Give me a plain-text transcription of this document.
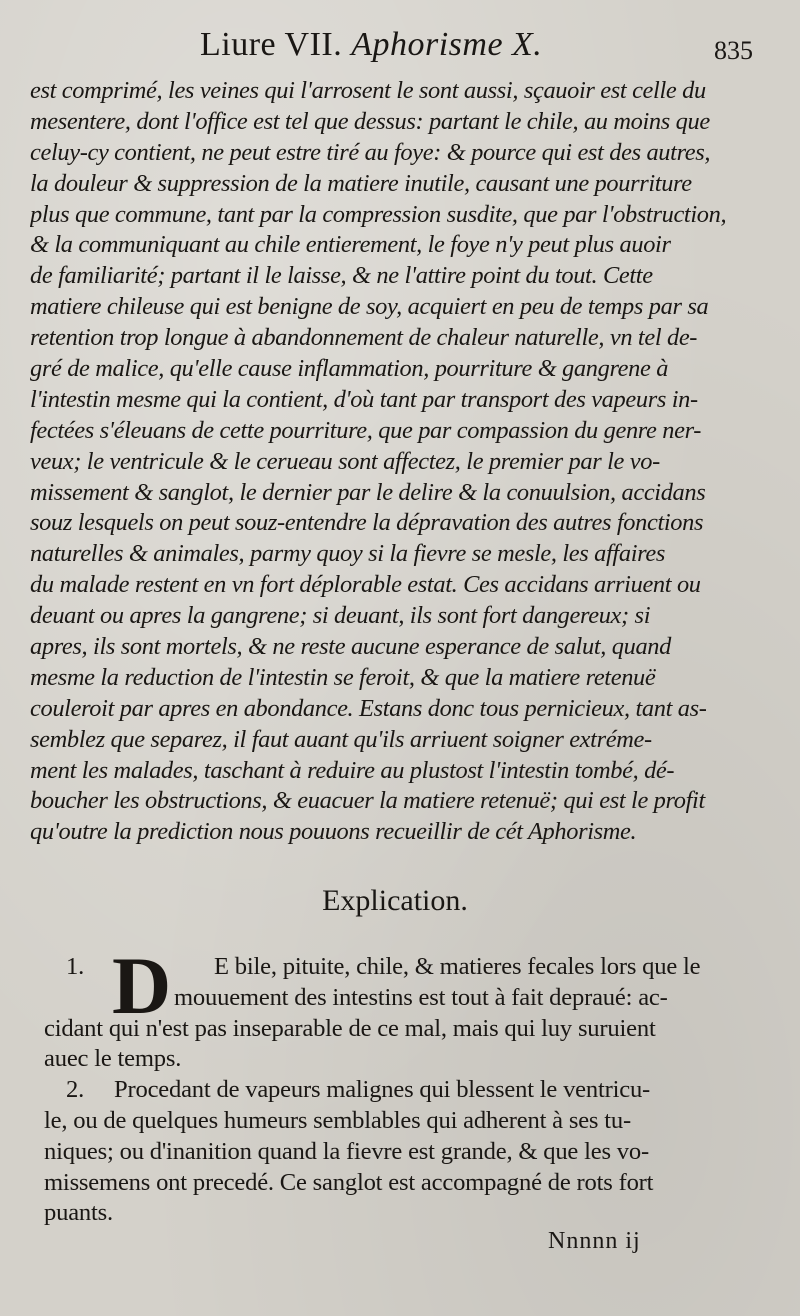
Liure VII. Aphorisme X.	835
est comprimé, les veines qui l'arrosent le sont aussi, sçauoir est celle du
mesentere, dont l'office est tel que dessus: partant le chile, au moins que
celuy-cy contient, ne peut estre tiré au foye: & pource qui est des autres,
la douleur & suppression de la matiere inutile, causant une pourriture
plus que commune, tant par la compression susdite, que par l'obstruction,
& la communiquant au chile entierement, le foye n'y peut plus auoir
de familiarité; partant il le laisse, & ne l'attire point du tout. Cette
matiere chileuse qui est benigne de soy, acquiert en peu de temps par sa
retention trop longue à abandonnement de chaleur naturelle, vn tel de-
gré de malice, qu'elle cause inflammation, pourriture & gangrene à
l'intestin mesme qui la contient, d'où tant par transport des vapeurs in-
fectées s'éleuans de cette pourriture, que par compassion du genre ner-
veux; le ventricule & le cerueau sont affectez, le premier par le vo-
missement & sanglot, le dernier par le delire & la conuulsion, accidans
souz lesquels on peut souz-entendre la dépravation des autres fonctions
naturelles & animales, parmy quoy si la fievre se mesle, les affaires
du malade restent en vn fort déplorable estat. Ces accidans arriuent ou
deuant ou apres la gangrene; si deuant, ils sont fort dangereux; si
apres, ils sont mortels, & ne reste aucune esperance de salut, quand
mesme la reduction de l'intestin se feroit, & que la matiere retenuë
couleroit par apres en abondance. Estans donc tous pernicieux, tant as-
semblez que separez, il faut auant qu'ils arriuent soigner extréme-
ment les malades, taschant à reduire au plustost l'intestin tombé, dé-
boucher les obstructions, & euacuer la matiere retenuë; qui est le profit
qu'outre la prediction nous pouuons recueillir de cét Aphorisme.
Explication.
D
1.	E bile, pituite, chile, & matieres fecales lors que le
mouuement des intestins est tout à fait depraué: ac-
cidant qui n'est pas inseparable de ce mal, mais qui luy suruient
auec le temps.
2. Procedant de vapeurs malignes qui blessent le ventricu-
le, ou de quelques humeurs semblables qui adherent à ses tu-
niques; ou d'inanition quand la fievre est grande, & que les vo-
missemens ont precedé. Ce sanglot est accompagné de rots fort
puants.
Nnnnn ij
